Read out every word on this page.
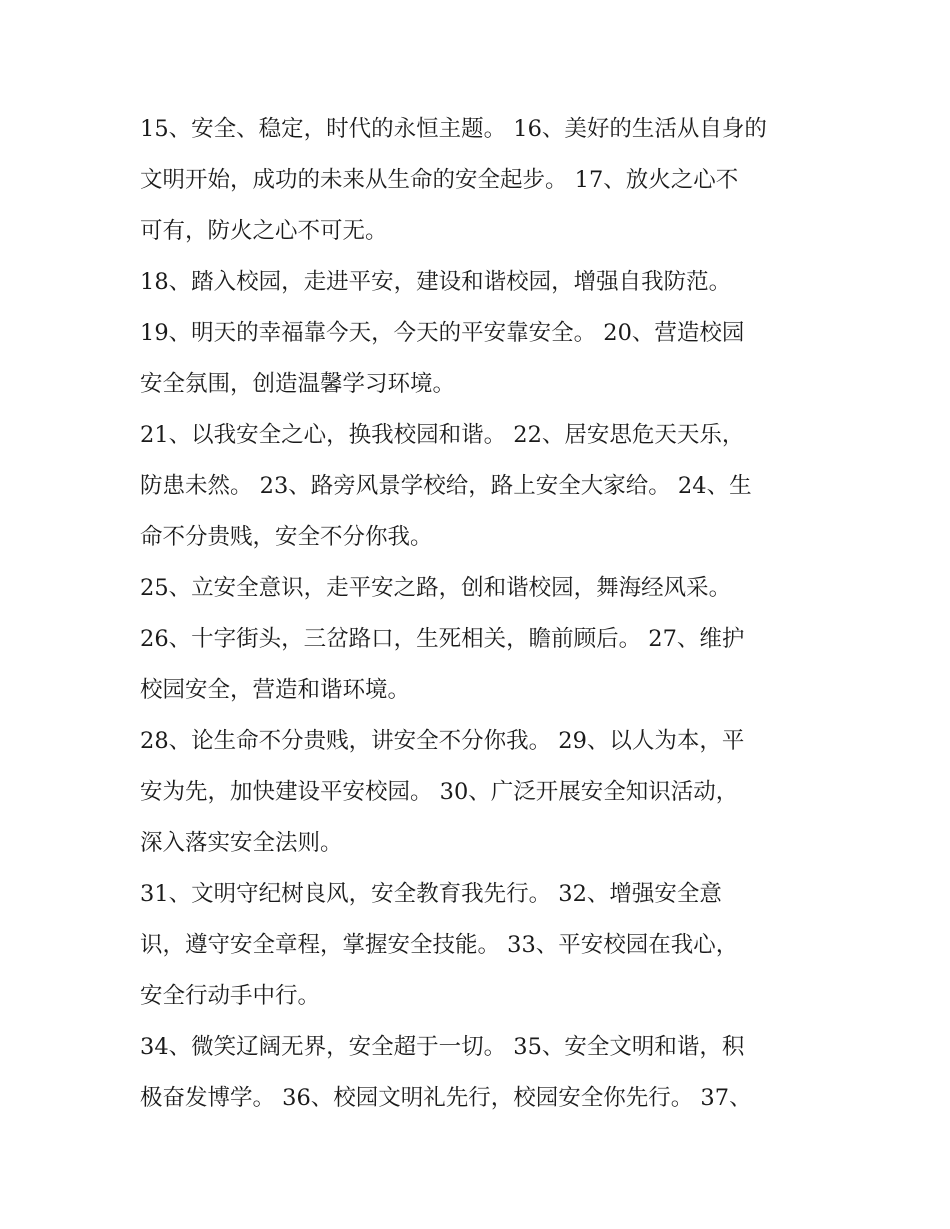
15、安全、稳定，时代的永恒主题。 16、美好的生活从自身的
文明开始，成功的未来从生命的安全起步。 17、放火之心不
可有，防火之心不可无。
18、踏入校园，走进平安，建设和谐校园，增强自我防范。
19、明天的幸福靠今天，今天的平安靠安全。 20、营造校园
安全氛围，创造温馨学习环境。
21、以我安全之心，换我校园和谐。 22、居安思危天天乐，
防患未然。 23、路旁风景学校给，路上安全大家给。 24、生
命不分贵贱，安全不分你我。
25、立安全意识，走平安之路，创和谐校园，舞海经风采。
26、十字街头，三岔路口，生死相关，瞻前顾后。 27、维护
校园安全，营造和谐环境。
28、论生命不分贵贱，讲安全不分你我。 29、以人为本，平
安为先，加快建设平安校园。 30、广泛开展安全知识活动，
深入落实安全法则。
31、文明守纪树良风，安全教育我先行。 32、增强安全意
识，遵守安全章程，掌握安全技能。 33、平安校园在我心，
安全行动手中行。
34、微笑辽阔无界，安全超于一切。 35、安全文明和谐，积
极奋发博学。 36、校园文明礼先行，校园安全你先行。 37、
